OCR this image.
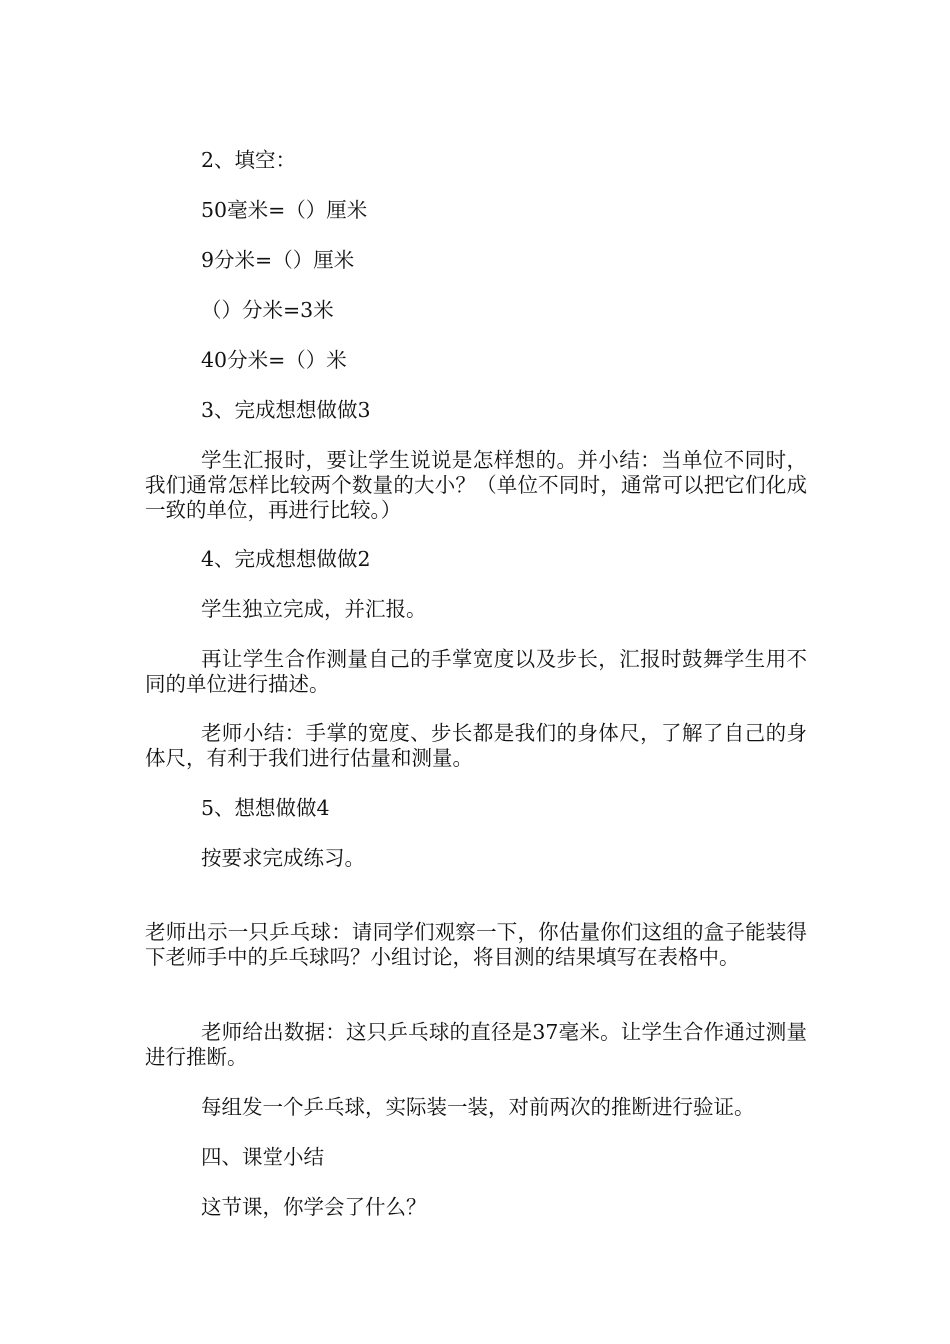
2、填空：

50毫米=（）厘米

9分米=（）厘米

（）分米=3米

40分米=（）米

3、完成想想做做3

学生汇报时，要让学生说说是怎样想的。并小结：当单位不同时，我们通常怎样比较两个数量的大小？（单位不同时，通常可以把它们化成一致的单位，再进行比较。）

4、完成想想做做2

学生独立完成，并汇报。

再让学生合作测量自己的手掌宽度以及步长，汇报时鼓舞学生用不同的单位进行描述。

老师小结：手掌的宽度、步长都是我们的身体尺，了解了自己的身体尺，有利于我们进行估量和测量。

5、想想做做4

按要求完成练习。

老师出示一只乒乓球：请同学们观察一下，你估量你们这组的盒子能装得下老师手中的乒乓球吗？小组讨论，将目测的结果填写在表格中。

老师给出数据：这只乒乓球的直径是37毫米。让学生合作通过测量进行推断。

每组发一个乒乓球，实际装一装，对前两次的推断进行验证。

四、课堂小结

这节课，你学会了什么？
